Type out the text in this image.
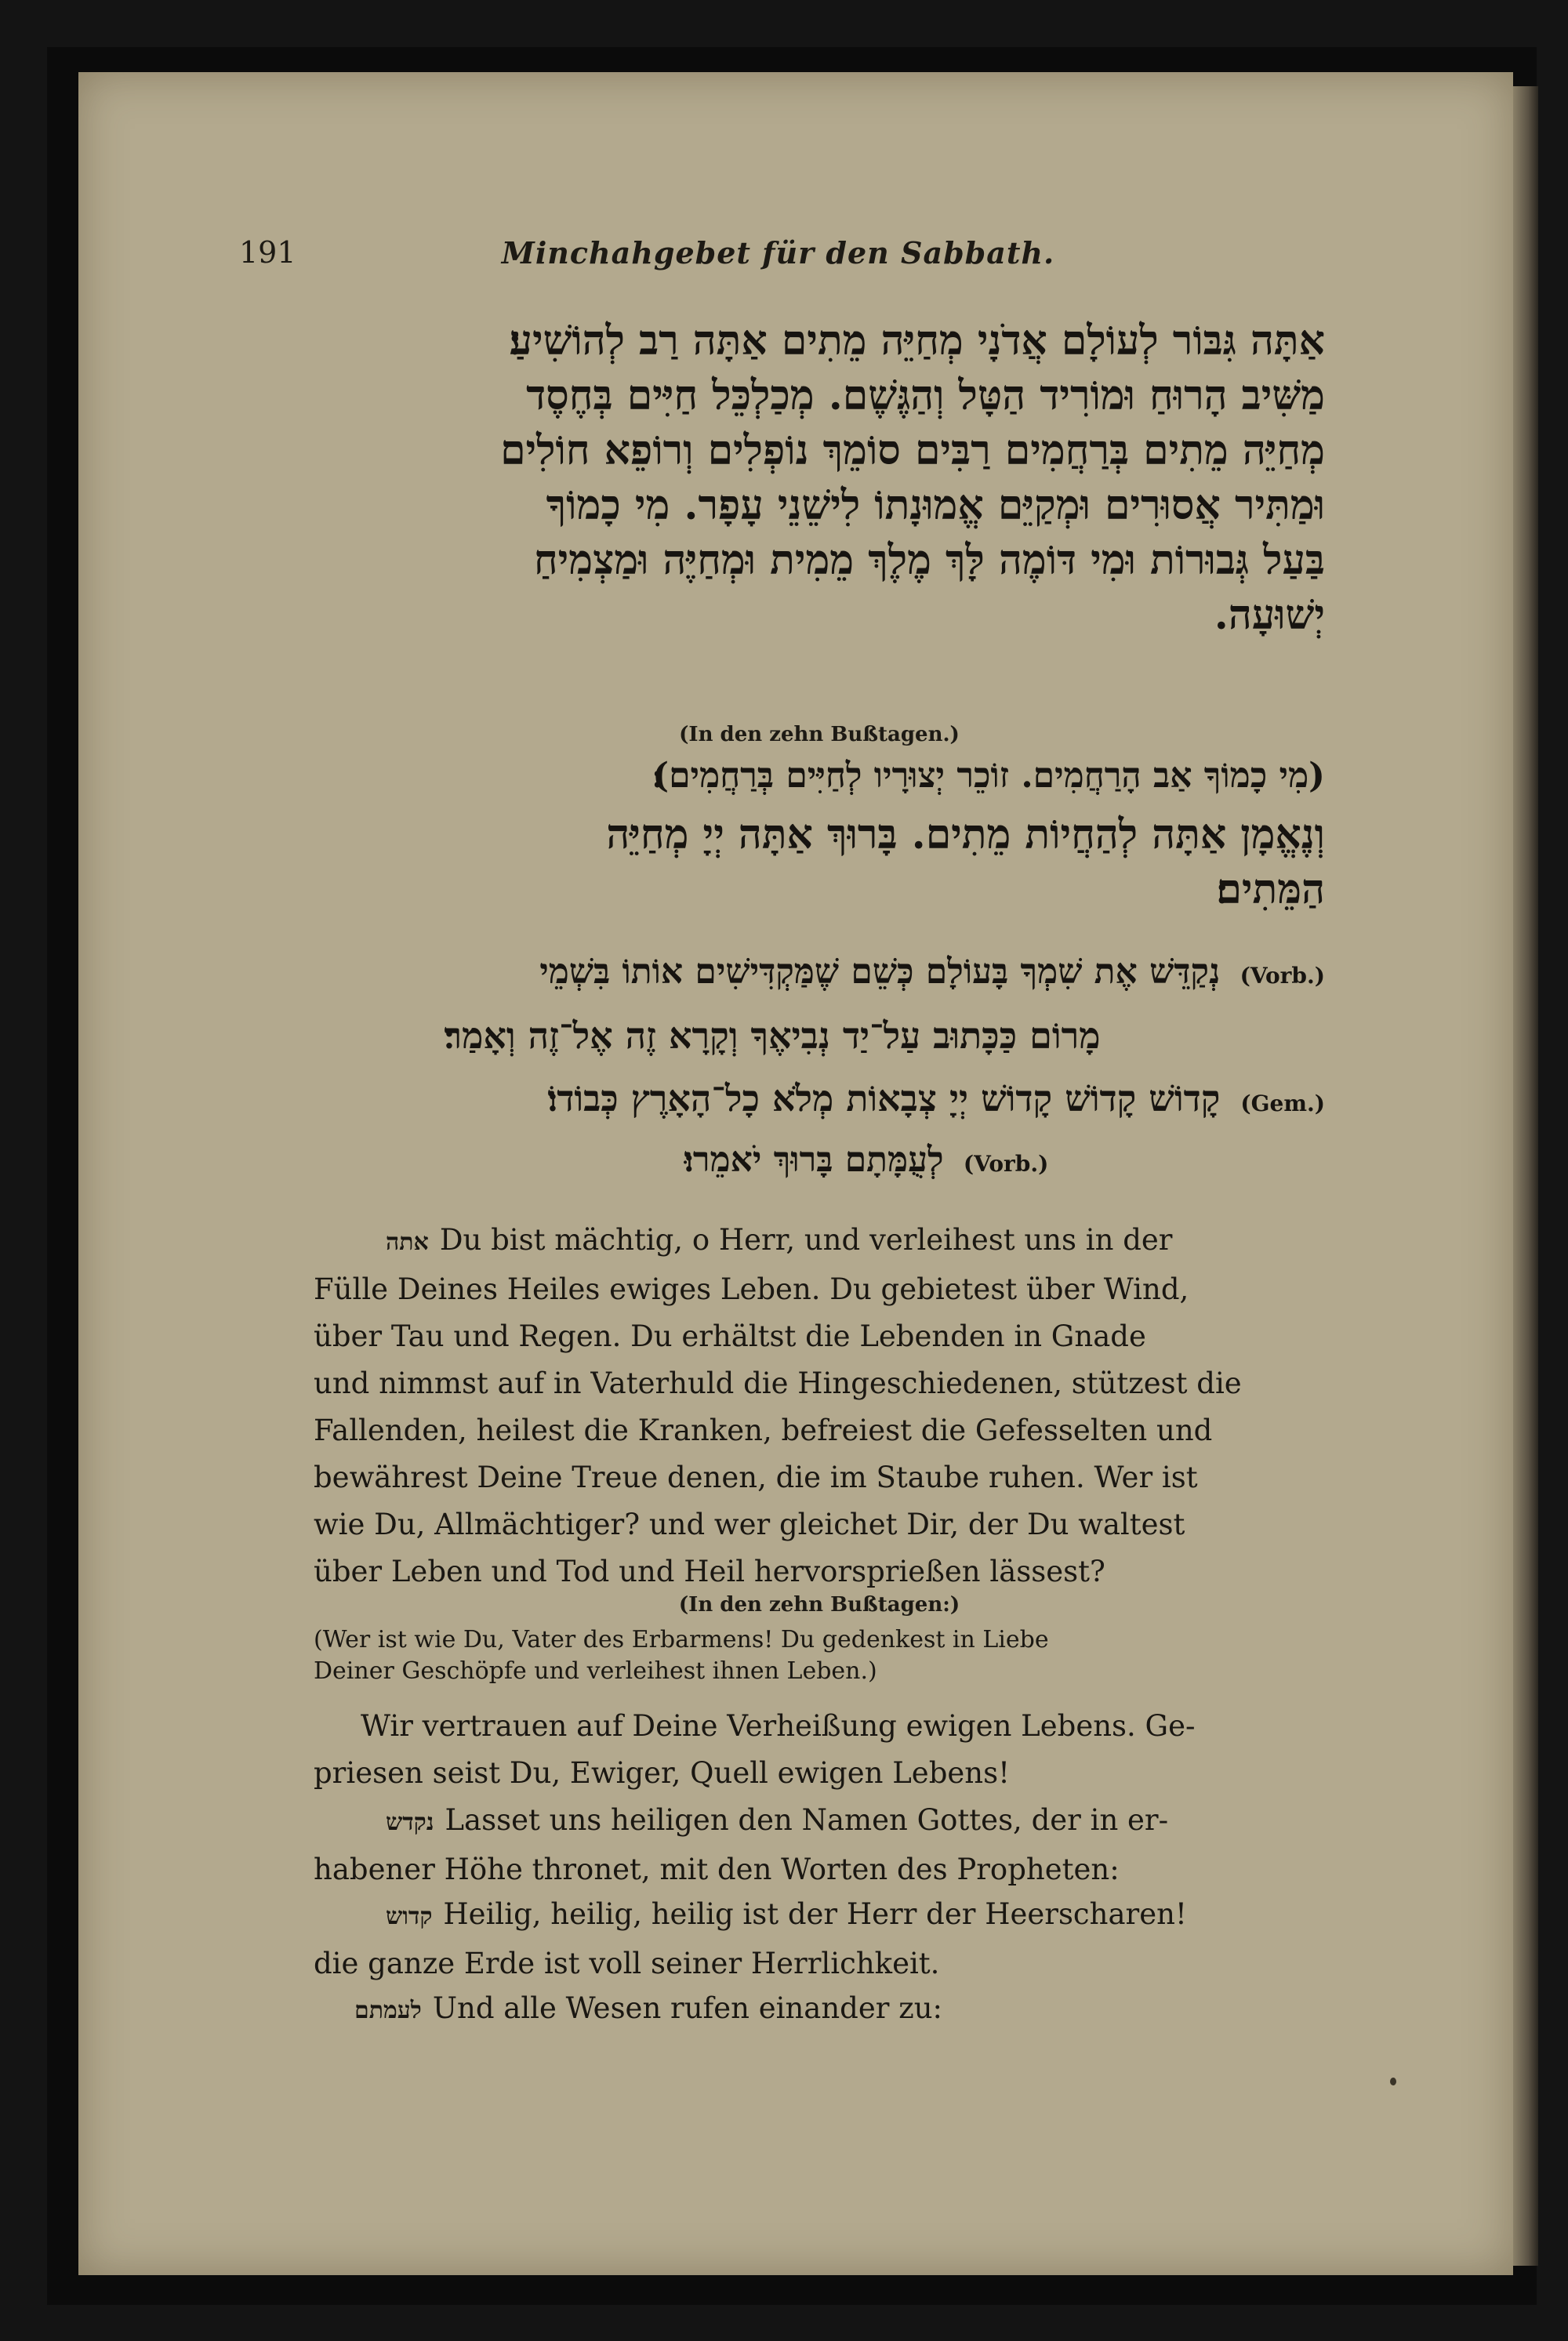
191	Minchahgebet für den Sabbath.
אַתָּה גִּבּוֹר לְעוֹלָם אֲדֹנָי מְחַיֵּה מֵתִים אַתָּה רַב לְהוֹשִׁיעַ׃
מַשִּׁיב הָרוּחַ וּמוֹרִיד הַטָּל וְהַגֶּשֶׁם. מְכַלְכֵּל חַיִּים בְּחֶסֶד
מְחַיֵּה מֵתִים בְּרַחֲמִים רַבִּים סוֹמֵךְ נוֹפְלִים וְרוֹפֵא חוֹלִים
וּמַתִּיר אֲסוּרִים וּמְקַיֵּם אֱמוּנָתוֹ לִישֵׁנֵי עָפָר. מִי כָמוֹךָ
בַּעַל גְּבוּרוֹת וּמִי דּוֹמֶה לָּךְ מֶלֶךְ מֵמִית וּמְחַיֶּה וּמַצְמִיחַ
יְשׁוּעָה.
(In den zehn Bußtagen.)
(מִי כָמוֹךָ אַב הָרַחֲמִים. זוֹכֵר יְצוּרָיו לְחַיִּים בְּרַחֲמִים)׃
וְנֶאֱמָן אַתָּה לְהַחֲיוֹת מֵתִים. בָּרוּךְ אַתָּה יְיָ מְחַיֵּה
הַמֵּתִים׃
(Vorb.) נְקַדֵּשׁ אֶת שִׁמְךָ בָּעוֹלָם כְּשֵׁם שֶׁמַּקְדִּישִׁים אוֹתוֹ בִּשְׁמֵי
מָרוֹם כַּכָּתוּב עַל־יַד נְבִיאֶךָ וְקָרָא זֶה אֶל־זֶה וְאָמַר׃
(Gem.) קָדוֹשׁ קָדוֹשׁ קָדוֹשׁ יְיָ צְבָאוֹת מְלֹא כָל־הָאָרֶץ כְּבוֹדוֹ׃
(Vorb.) לְעֻמָּתָם בָּרוּךְ יֹאמֵרוּ׃
אתה Du bist mächtig, o Herr, und verleihest uns in der
Fülle Deines Heiles ewiges Leben. Du gebietest über Wind,
über Tau und Regen. Du erhältst die Lebenden in Gnade
und nimmst auf in Vaterhuld die Hingeschiedenen, stützest die
Fallenden, heilest die Kranken, befreiest die Gefesselten und
bewährest Deine Treue denen, die im Staube ruhen. Wer ist
wie Du, Allmächtiger? und wer gleichet Dir, der Du waltest
über Leben und Tod und Heil hervorsprießen lässest?
(In den zehn Bußtagen:)
(Wer ist wie Du, Vater des Erbarmens! Du gedenkest in Liebe
Deiner Geschöpfe und verleihest ihnen Leben.)
Wir vertrauen auf Deine Verheißung ewigen Lebens. Ge-
priesen seist Du, Ewiger, Quell ewigen Lebens!
נקדש Lasset uns heiligen den Namen Gottes, der in er-
habener Höhe thronet, mit den Worten des Propheten:
קדוש Heilig, heilig, heilig ist der Herr der Heerscharen!
die ganze Erde ist voll seiner Herrlichkeit.
לעמתם Und alle Wesen rufen einander zu:
